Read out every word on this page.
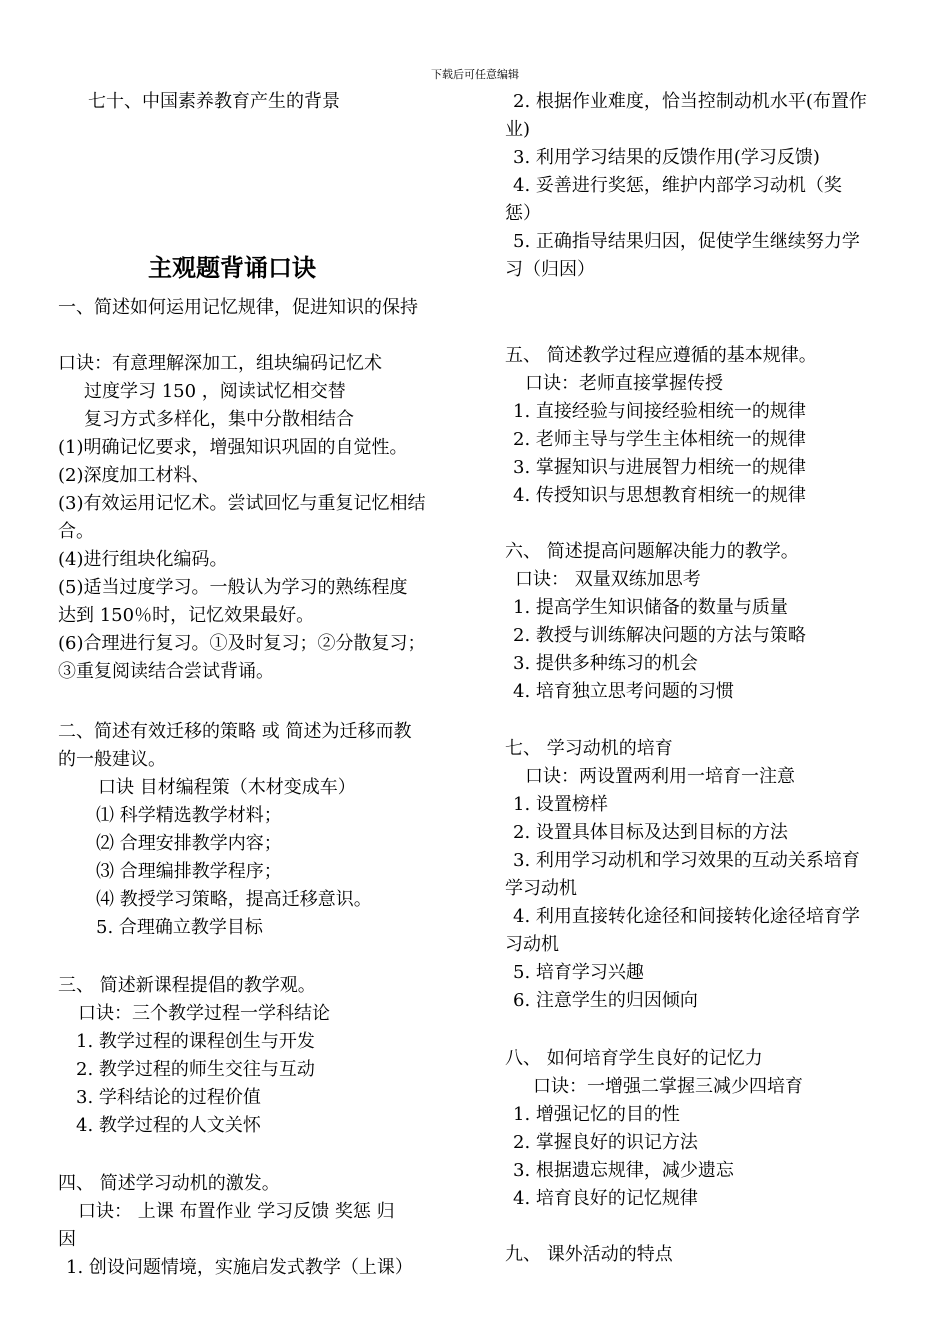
下载后可任意编辑
七十、中国素养教育产生的背景
主观题背诵口诀
一、简述如何运用记忆规律，促进知识的保持
口诀：有意理解深加工，组块编码记忆术
过度学习 150 ，阅读试忆相交替
复习方式多样化，集中分散相结合
(1)明确记忆要求，增强知识巩固的自觉性。
(2)深度加工材料、
(3)有效运用记忆术。尝试回忆与重复记忆相结
合。
(4)进行组块化编码。
(5)适当过度学习。一般认为学习的熟练程度
达到 150％时，记忆效果最好。
(6)合理进行复习。①及时复习；②分散复习；
③重复阅读结合尝试背诵。
二、简述有效迁移的策略 或 简述为迁移而教
的一般建议。
口诀 目材编程策（木材变成车）
⑴ 科学精选教学材料；
⑵ 合理安排教学内容；
⑶ 合理编排教学程序；
⑷ 教授学习策略，提高迁移意识。
5. 合理确立教学目标
三、 简述新课程提倡的教学观。
口诀：三个教学过程一学科结论
1. 教学过程的课程创生与开发
2. 教学过程的师生交往与互动
3. 学科结论的过程价值
4. 教学过程的人文关怀
四、 简述学习动机的激发。
口诀： 上课 布置作业 学习反馈 奖惩 归
因
1. 创设问题情境，实施启发式教学（上课）
2. 根据作业难度，恰当控制动机水平(布置作
业)
3. 利用学习结果的反馈作用(学习反馈)
4. 妥善进行奖惩，维护内部学习动机（奖
惩）
5. 正确指导结果归因，促使学生继续努力学
习（归因）
五、 简述教学过程应遵循的基本规律。
口诀：老师直接掌握传授
1. 直接经验与间接经验相统一的规律
2. 老师主导与学生主体相统一的规律
3. 掌握知识与进展智力相统一的规律
4. 传授知识与思想教育相统一的规律
六、 简述提高问题解决能力的教学。
口诀： 双量双练加思考
1. 提高学生知识储备的数量与质量
2. 教授与训练解决问题的方法与策略
3. 提供多种练习的机会
4. 培育独立思考问题的习惯
七、 学习动机的培育
口诀：两设置两利用一培育一注意
1. 设置榜样
2. 设置具体目标及达到目标的方法
3. 利用学习动机和学习效果的互动关系培育
学习动机
4. 利用直接转化途径和间接转化途径培育学
习动机
5. 培育学习兴趣
6. 注意学生的归因倾向
八、 如何培育学生良好的记忆力
口诀：一增强二掌握三减少四培育
1. 增强记忆的目的性
2. 掌握良好的识记方法
3. 根据遗忘规律，减少遗忘
4. 培育良好的记忆规律
九、 课外活动的特点
